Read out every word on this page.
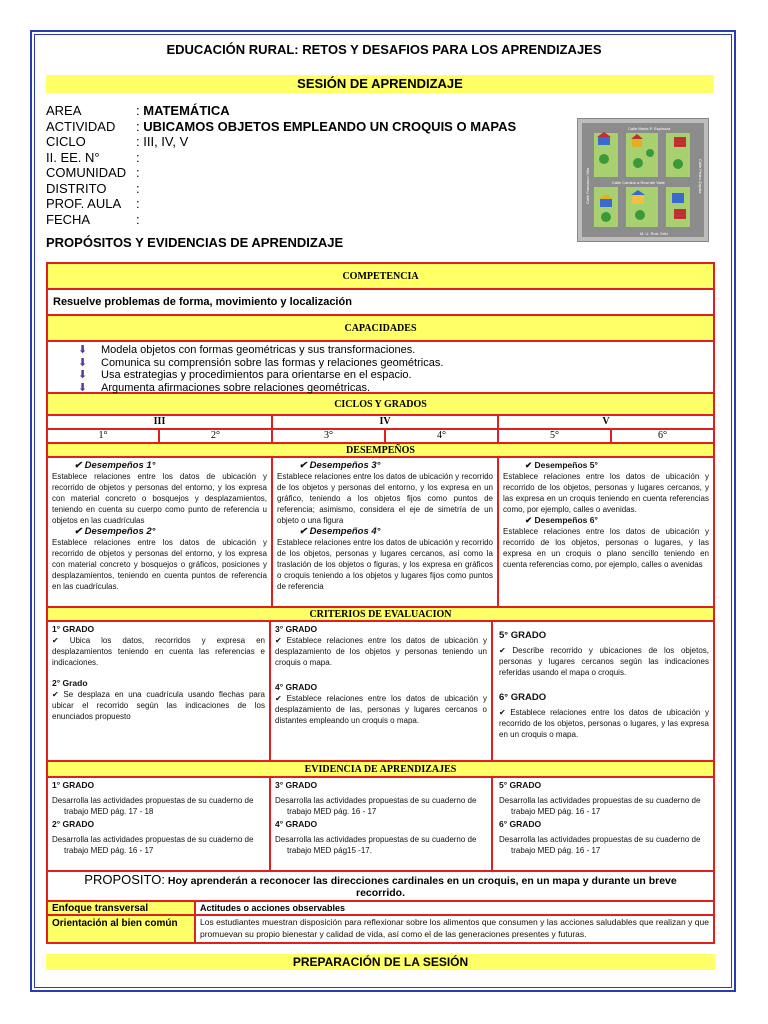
EDUCACIÓN RURAL: RETOS Y DESAFIOS PARA LOS APRENDIZAJES
SESIÓN DE APRENDIZAJE
AREA	: MATEMÁTICA
ACTIVIDAD : UBICAMOS OBJETOS EMPLEANDO UN CROQUIS O MAPAS
CICLO	: III, IV, V
II. EE. N°	:
COMUNIDAD :
DISTRITO :
PROF. AULA :
FECHA	:
Calle María P. Espinoza
Calle Camino a Real del Valle
M. U. Ruiz Ortiz
Calle Francisco Villa	Calle Pedro Zapata
PROPÓSITOS Y EVIDENCIAS DE APRENDIZAJE
COMPETENCIA
Resuelve problemas de forma, movimiento y localización
CAPACIDADES
⬇ Modela objetos con formas geométricas y sus transformaciones.
⬇ Comunica su comprensión sobre las formas y relaciones geométricas.
⬇ Usa estrategias y procedimientos para orientarse en el espacio.
⬇ Argumenta afirmaciones sobre relaciones geométricas.
CICLOS Y GRADOS
III	IV	V
1°	2°	3°	4°	5°	6°
DESEMPEÑOS
✔ Desempeños 1°
Establece relaciones entre los datos de ubicación y recorrido de objetos y personas del entorno, y los expresa con material concreto o bosquejos y desplazamientos, teniendo en cuenta su cuerpo como punto de referencia u objetos en las cuadrículas
✔ Desempeños 2°
Establece relaciones entre los datos de ubicación y recorrido de objetos y personas del entorno, y los expresa con material concreto y bosquejos o gráficos, posiciones y desplazamientos, teniendo en cuenta puntos de referencia en las cuadrículas.
✔ Desempeños 3°
Establece relaciones entre los datos de ubicación y recorrido de los objetos y personas del entorno, y los expresa en un gráfico, teniendo a los objetos fijos como puntos de referencia; asimismo, considera el eje de simetría de un objeto o una figura
✔ Desempeños 4°
Establece relaciones entre los datos de ubicación y recorrido de los objetos, personas y lugares cercanos, así como la traslación de los objetos o figuras, y los expresa en gráficos o croquis teniendo a los objetos y lugares fijos como puntos de referencia
✔ Desempeños 5°
Establece relaciones entre los datos de ubicación y recorrido de los objetos, personas y lugares cercanos, y las expresa en un croquis teniendo en cuenta referencias como, por ejemplo, calles o avenidas.
✔ Desempeños 6°
Establece relaciones entre los datos de ubicación y recorrido de los objetos, personas o lugares, y las expresa en un croquis o plano sencillo teniendo en cuenta referencias como, por ejemplo, calles o avenidas
CRITERIOS DE EVALUACION
1° GRADO
✔ Ubica los datos, recorridos y expresa en desplazamientos teniendo en cuenta las referencias e indicaciones.
2° Grado
✔ Se desplaza en una cuadrícula usando flechas para ubicar el recorrido según las indicaciones de los enunciados propuesto
3° GRADO
✔ Establece relaciones entre los datos de ubicación y desplazamiento de los objetos y personas teniendo un croquis o mapa.
4° GRADO
✔ Establece relaciones entre los datos de ubicación y desplazamiento de las, personas y lugares cercanos o distantes empleando un croquis o mapa.
5° GRADO
✔ Describe recorrido y ubicaciones de los objetos, personas y lugares cercanos según las indicaciones referidas usando el mapa o croquis.
6° GRADO
✔ Establece relaciones entre los datos de ubicación y recorrido de los objetos, personas o lugares, y las expresa en un croquis o mapa.
EVIDENCIA DE APRENDIZAJES
1° GRADO
Desarrolla las actividades propuestas de su cuaderno de trabajo MED pág. 17 - 18
2° GRADO
Desarrolla las actividades propuestas de su cuaderno de trabajo MED pág. 16 - 17
3° GRADO
Desarrolla las actividades propuestas de su cuaderno de trabajo MED pág. 16 - 17
4° GRADO
Desarrolla las actividades propuestas de su cuaderno de trabajo MED pág15 -17.
5° GRADO
Desarrolla las actividades propuestas de su cuaderno de trabajo MED pág. 16 - 17
6° GRADO
Desarrolla las actividades propuestas de su cuaderno de trabajo MED pág. 16 - 17
PROPOSITO: Hoy aprenderán a reconocer las direcciones cardinales en un croquis, en un mapa y durante un breve recorrido.
Enfoque transversal	Actitudes o acciones observables
Orientación al bien común	Los estudiantes muestran disposición para reflexionar sobre los alimentos que consumen y las acciones saludables que realizan y que promuevan su propio bienestar y calidad de vida, así como el de las generaciones presentes y futuras.
PREPARACIÓN DE LA SESIÓN
